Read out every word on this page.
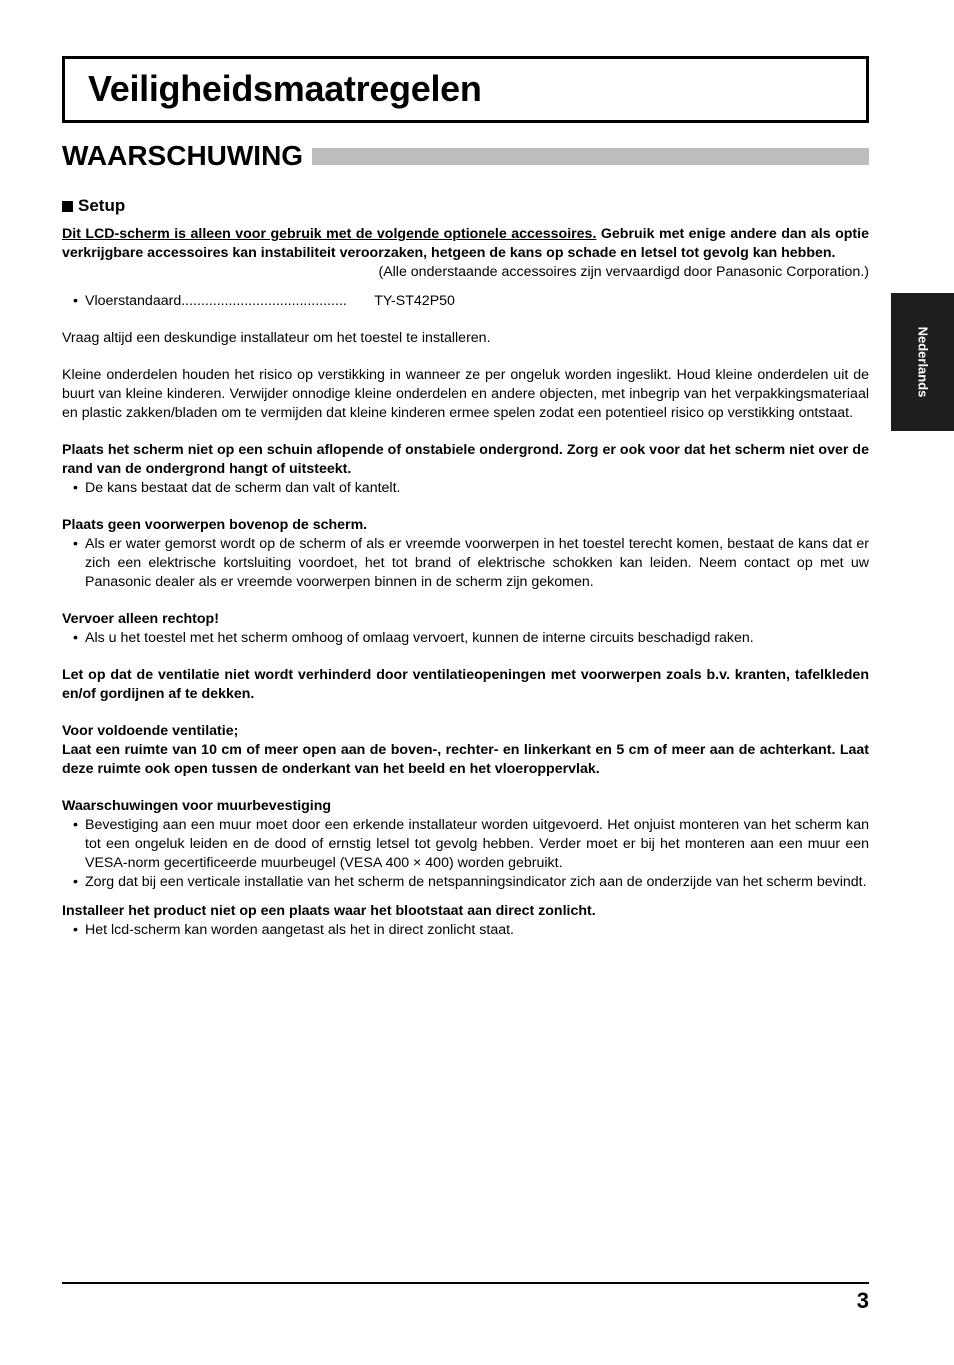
Veiligheidsmaatregelen
WAARSCHUWING
Nederlands
Setup

Dit LCD-scherm is alleen voor gebruik met de volgende optionele accessoires. Gebruik met enige andere dan als optie verkrijgbare accessoires kan instabiliteit veroorzaken, hetgeen de kans op schade en letsel tot gevolg kan hebben.

(Alle onderstaande accessoires zijn vervaardigd door Panasonic Corporation.)

• Vloerstandaard ..........................................	TY-ST42P50

Vraag altijd een deskundige installateur om het toestel te installeren.

Kleine onderdelen houden het risico op verstikking in wanneer ze per ongeluk worden ingeslikt. Houd kleine onderdelen uit de buurt van kleine kinderen. Verwijder onnodige kleine onderdelen en andere objecten, met inbegrip van het verpakkingsmateriaal en plastic zakken/bladen om te vermijden dat kleine kinderen ermee spelen zodat een potentieel risico op verstikking ontstaat.

Plaats het scherm niet op een schuin aflopende of onstabiele ondergrond. Zorg er ook voor dat het scherm niet over de rand van de ondergrond hangt of uitsteekt.

• De kans bestaat dat de scherm dan valt of kantelt.

Plaats geen voorwerpen bovenop de scherm.

• Als er water gemorst wordt op de scherm of als er vreemde voorwerpen in het toestel terecht komen, bestaat de kans dat er zich een elektrische kortsluiting voordoet, het tot brand of elektrische schokken kan leiden. Neem contact op met uw Panasonic dealer als er vreemde voorwerpen binnen in de scherm zijn gekomen.

Vervoer alleen rechtop!

• Als u het toestel met het scherm omhoog of omlaag vervoert, kunnen de interne circuits beschadigd raken.

Let op dat de ventilatie niet wordt verhinderd door ventilatieopeningen met voorwerpen zoals b.v. kranten, tafelkleden en/of gordijnen af te dekken.

Voor voldoende ventilatie;

Laat een ruimte van 10 cm of meer open aan de boven-, rechter- en linkerkant en 5 cm of meer aan de achterkant. Laat deze ruimte ook open tussen de onderkant van het beeld en het vloeroppervlak.

Waarschuwingen voor muurbevestiging

• Bevestiging aan een muur moet door een erkende installateur worden uitgevoerd. Het onjuist monteren van het scherm kan tot een ongeluk leiden en de dood of ernstig letsel tot gevolg hebben. Verder moet er bij het monteren aan een muur een VESA-norm gecertificeerde muurbeugel (VESA 400 × 400) worden gebruikt.
• Zorg dat bij een verticale installatie van het scherm de netspanningsindicator zich aan de onderzijde van het scherm bevindt.

Installeer het product niet op een plaats waar het blootstaat aan direct zonlicht.

• Het lcd-scherm kan worden aangetast als het in direct zonlicht staat.
3
